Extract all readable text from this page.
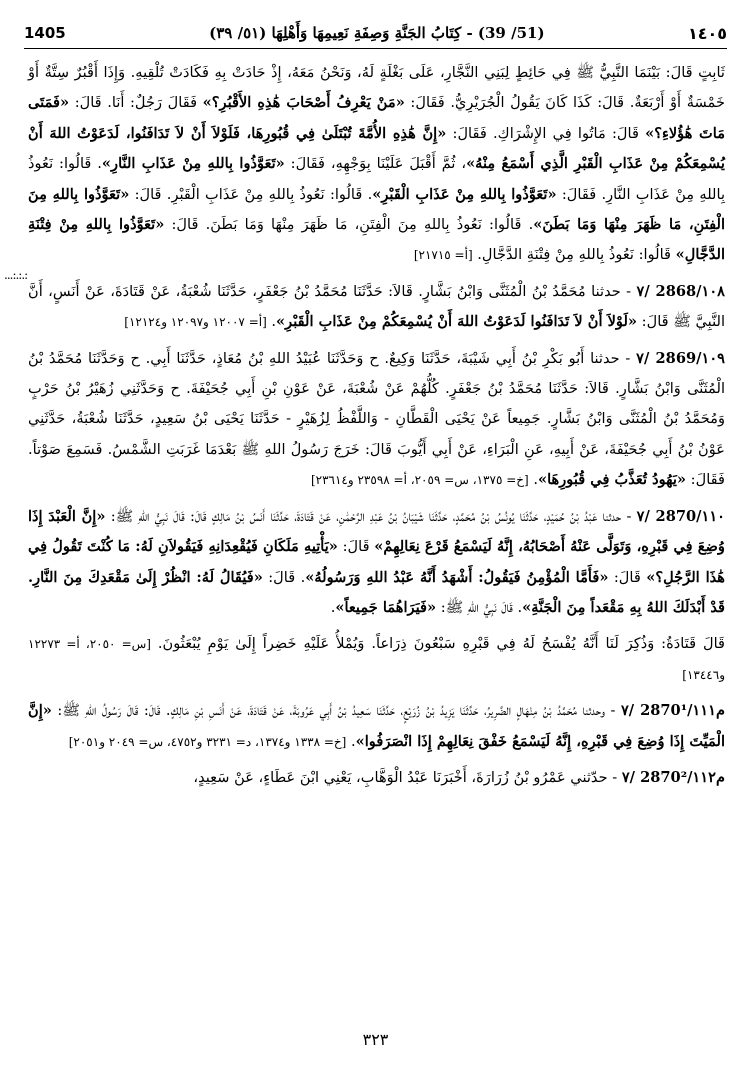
1405	(51/ 39) - كِتَابُ الجَنَّةِ وَصِفَةِ نَعِيمِهَا وَأَهْلِهَا (٥١/ ٣٩)	١٤٠٥
...:.:.:

ثَابِتٍ قَالَ: بَيْنَمَا النَّبِيُّ ﷺ فِي حَائِطٍ لِبَنِي النَّجَّارِ، عَلَى بَغْلَةٍ لَهُ، وَنَحْنُ مَعَهُ، إِذْ حَادَتْ بِهِ فَكَادَتْ تُلْقِيهِ. وَإِذَا أَقْبُرٌ سِتَّةٌ أَوْ خَمْسَةٌ أَوْ أَرْبَعَةٌ. قَالَ: كَذَا كَانَ يَقُولُ الْجُرَيْرِيُّ. فَقَالَ: «مَنْ يَعْرِفُ أَصْحَابَ هَٰذِهِ الأَقْبُرِ؟» فَقَالَ رَجُلٌ: أَنَا. قَالَ: «فَمَتَى مَاتَ هَٰؤُلاءِ؟» قَالَ: مَاتُوا فِي الإِشْرَاكِ. فَقَالَ: «إِنَّ هَٰذِهِ الأُمَّةَ تُبْتَلَىٰ فِي قُبُورِهَا، فَلَوْلاَ أَنْ لاَ تَدَافَنُوا، لَدَعَوْتُ اللهَ أَنْ يُسْمِعَكُمْ مِنْ عَذَابِ الْقَبْرِ الَّذِي أَسْمَعُ مِنْهُ»، ثُمَّ أَقْبَلَ عَلَيْنَا بِوَجْهِهِ، فَقَالَ: «تَعَوَّذُوا بِاللهِ مِنْ عَذَابِ النَّارِ». قَالُوا: نَعُوذُ بِاللهِ مِنْ عَذَابِ النَّارِ. فَقَالَ: «تَعَوَّذُوا بِاللهِ مِنْ عَذَابِ الْقَبْرِ». قَالُوا: نَعُوذُ بِاللهِ مِنْ عَذَابِ الْقَبْرِ. قَالَ: «تَعَوَّذُوا بِاللهِ مِنَ الْفِتَنِ، مَا ظَهَرَ مِنْهَا وَمَا بَطَنَ». قَالُوا: نَعُوذُ بِاللهِ مِنَ الْفِتَنِ، مَا ظَهَرَ مِنْهَا وَمَا بَطَنَ. قَالَ: «تَعَوَّذُوا بِاللهِ مِنْ فِتْنَةِ الدَّجَّالِ» قَالُوا: نَعُوذُ بِاللهِ مِنْ فِتْنَةِ الدَّجَّالِ. [أ= ٢١٧١٥]

٧/ 2868/١٠٨ - حدثنا مُحَمَّدُ بْنُ الْمُثَنَّى وَابْنُ بَشَّارٍ. قَالاَ: حَدَّثَنَا مُحَمَّدُ بْنُ جَعْفَرٍ، حَدَّثَنَا شُعْبَةُ، عَنْ قَتَادَةَ، عَنْ أَنَسٍ، أَنَّ النَّبِيَّ ﷺ قَالَ: «لَوْلاَ أَنْ لاَ تَدَافَنُوا لَدَعَوْتُ اللهَ أَنْ يُسْمِعَكُمْ مِنْ عَذَابِ الْقَبْرِ». [أ= ١٢٠٠٧ و١٢٠٩٧ و١٢١٢٤]

٧/ 2869/١٠٩ - حدثنا أَبُو بَكْرِ بْنُ أَبِي شَيْبَةَ، حَدَّثَنَا وَكِيعٌ. ح وَحَدَّثَنَا عُبَيْدُ اللهِ بْنُ مُعَاذٍ، حَدَّثَنَا أَبِي. ح وَحَدَّثَنَا مُحَمَّدُ بْنُ الْمُثَنَّى وَابْنُ بَشَّارٍ. قَالاَ: حَدَّثَنَا مُحَمَّدُ بْنُ جَعْفَرٍ. كُلُّهُمْ عَنْ شُعْبَةَ، عَنْ عَوْنِ بْنِ أَبِي جُحَيْفَةَ. ح وَحَدَّثَنِي زُهَيْرُ بْنُ حَرْبٍ وَمُحَمَّدُ بْنُ الْمُثَنَّى وَابْنُ بَشَّارٍ. جَمِيعاً عَنْ يَحْيَى الْقَطَّانِ - وَاللَّفْظُ لِزُهَيْرٍ - حَدَّثَنَا يَحْيَى بْنُ سَعِيدٍ، حَدَّثَنَا شُعْبَةُ، حَدَّثَنِي عَوْنُ بْنُ أَبِي جُحَيْفَةَ، عَنْ أَبِيهِ، عَنِ الْبَرَاءِ، عَنْ أَبِي أَيُّوبَ قَالَ: خَرَجَ رَسُولُ اللهِ ﷺ بَعْدَمَا غَرَبَتِ الشَّمْسُ. فَسَمِعَ صَوْتاً. فَقَالَ: «يَهُودُ تُعَذَّبُ فِي قُبُورِهَا». [خ= ١٣٧٥، س= ٢٠٥٩، أ= ٢٣٥٩٨ و٢٣٦١٤]

٧/ 2870/١١٠ - حدثنا عَبْدُ بْنُ حُمَيْدٍ، حَدَّثَنَا يُونُسُ بْنُ مُحَمَّدٍ، حَدَّثَنَا شَيْبَانُ بْنُ عَبْدِ الرَّحْمَٰنِ، عَنْ قَتَادَةَ، حَدَّثَنَا أَنَسُ بْنُ مَالِكٍ قَالَ: قَالَ نَبِيُّ اللهِ ﷺ: «إِنَّ الْعَبْدَ إِذَا وُضِعَ فِي قَبْرِهِ، وَتَوَلَّى عَنْهُ أَصْحَابُهُ، إِنَّهُ لَيَسْمَعُ قَرْعَ نِعَالِهِمْ» قَالَ: «يَأْتِيهِ مَلَكَانِ فَيُقْعِدَانِهِ فَيَقُولاَنِ لَهُ: مَا كُنْتَ تَقُولُ فِي هَٰذَا الرَّجُلِ؟» قَالَ: «فَأَمَّا الْمُؤْمِنُ فَيَقُولُ: أَشْهَدُ أَنَّهُ عَبْدُ اللهِ وَرَسُولُهُ». قَالَ: «فَيُقَالُ لَهُ: انْظُرْ إِلَىٰ مَقْعَدِكَ مِنَ النَّارِ. قَدْ أَبْدَلَكَ اللهُ بِهِ مَقْعَداً مِنَ الْجَنَّةِ». قَالَ نَبِيُّ اللهِ ﷺ: «فَيَرَاهُمَا جَمِيعاً».

قَالَ قَتَادَةُ: وَذُكِرَ لَنَا أَنَّهُ يُفْسَحُ لَهُ فِي قَبْرِهِ سَبْعُونَ ذِرَاعاً. وَيُمْلأُ عَلَيْهِ خَضِراً إِلَىٰ يَوْمِ يُبْعَثُونَ. [س= ٢٠٥٠، أ= ١٢٢٧٣ و١٣٤٤٦]

٧/ 2870م¹/١١١ - وحدثنا مُحَمَّدُ بْنُ مِنْهَالٍ الضَّرِيرُ، حَدَّثَنَا يَزِيدُ بْنُ زُرَيْعٍ، حَدَّثَنَا سَعِيدُ بْنُ أَبِي عَرُوبَةَ، عَنْ قَتَادَةَ، عَنْ أَنَسِ بْنِ مَالِكٍ. قَالَ: قَالَ رَسُولُ اللهِ ﷺ: «إِنَّ الْمَيِّتَ إِذَا وُضِعَ فِي قَبْرِهِ، إِنَّهُ لَيَسْمَعُ خَفْقَ نِعَالِهِمْ إِذَا انْصَرَفُوا». [خ= ١٣٣٨ و١٣٧٤، د= ٣٢٣١ و٤٧٥٢، س= ٢٠٤٩ و٢٠٥١]

٧/ 2870م²/١١٢ - حدّثني عَمْرُو بْنُ زُرَارَةَ، أَخْبَرَنَا عَبْدُ الْوَهَّابِ، يَعْنِي ابْنَ عَطَاءٍ، عَنْ سَعِيدٍ،

٣٢٣
